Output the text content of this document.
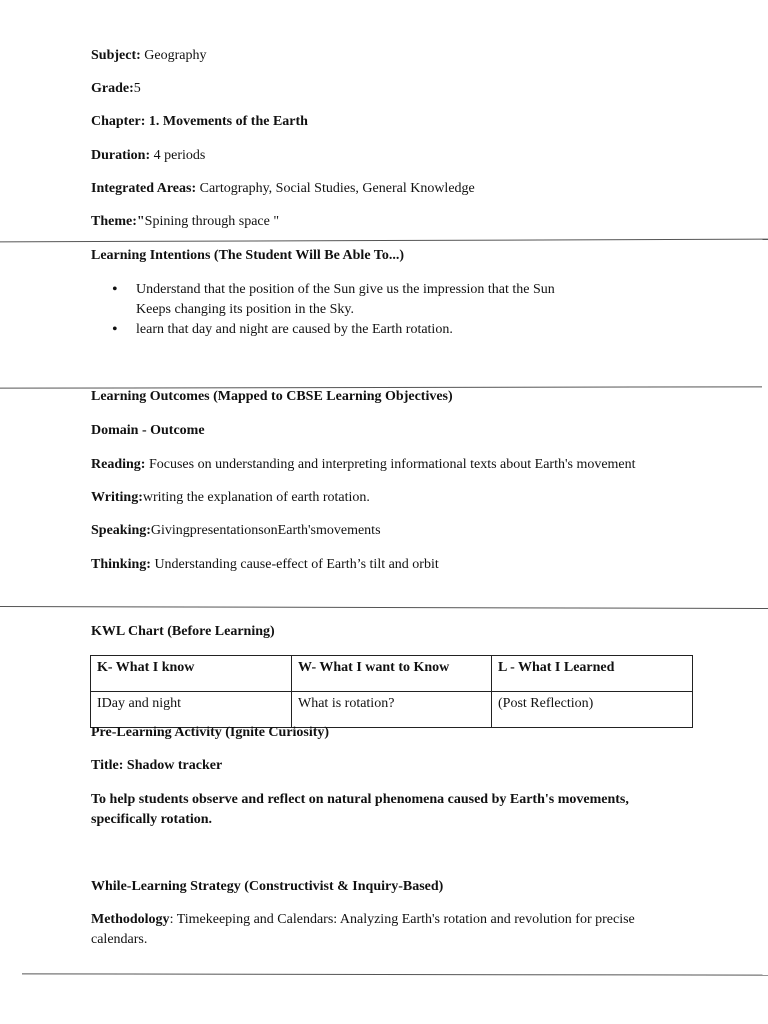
Subject: Geography
Grade:5
Chapter: 1. Movements of the Earth
Duration: 4 periods
Integrated Areas: Cartography, Social Studies, General Knowledge
Theme:"Spining through space "
Learning Intentions (The Student Will Be Able To...)
• Understand that the position of the Sun give us the impression that the Sun
Keeps changing its position in the Sky.
• learn that day and night are caused by the Earth rotation.
Learning Outcomes (Mapped to CBSE Learning Objectives)
Domain - Outcome
Reading: Focuses on understanding and interpreting informational texts about Earth's movement
Writing:writing the explanation of earth rotation.
Speaking:GivingpresentationsonEarth'smovements
Thinking: Understanding cause-effect of Earth’s tilt and orbit
KWL Chart (Before Learning)
K- What I know	W- What I want to Know	L - What I Learned
IDay and night	What is rotation?	(Post Reflection)
Pre-Learning Activity (Ignite Curiosity)
Title: Shadow tracker
To help students observe and reflect on natural phenomena caused by Earth's movements, specifically rotation.
While-Learning Strategy (Constructivist & Inquiry-Based)
Methodology: Timekeeping and Calendars: Analyzing Earth's rotation and revolution for precise calendars.
